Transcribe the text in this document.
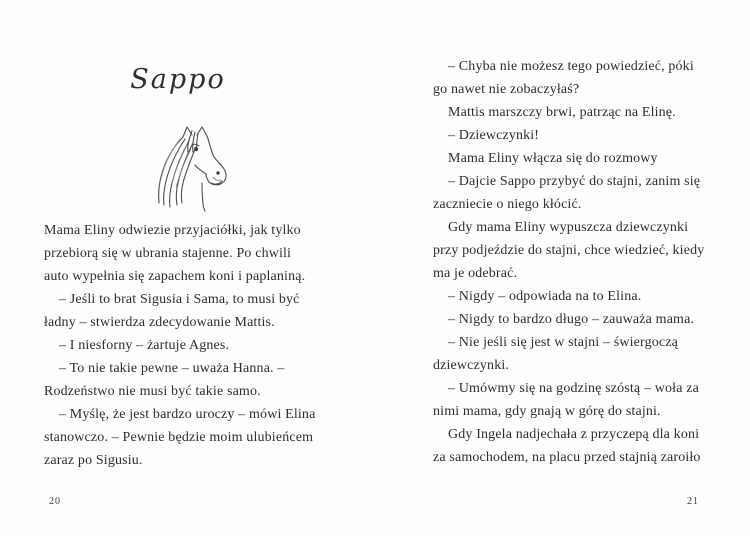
Sappo
Mama Eliny odwiezie przyjaciółki, jak tylko
przebiorą się w ubrania stajenne. Po chwili
auto wypełnia się zapachem koni i paplaniną.
– Jeśli to brat Sigusia i Sama, to musi być
ładny – stwierdza zdecydowanie Mattis.
– I niesforny – żartuje Agnes.
– To nie takie pewne – uważa Hanna. –
Rodzeństwo nie musi być takie samo.
– Myślę, że jest bardzo uroczy – mówi Elina
stanowczo. – Pewnie będzie moim ulubieńcem
zaraz po Sigusiu.
20
– Chyba nie możesz tego powiedzieć, póki
go nawet nie zobaczyłaś?
Mattis marszczy brwi, patrząc na Elinę.
– Dziewczynki!
Mama Eliny włącza się do rozmowy
– Dajcie Sappo przybyć do stajni, zanim się
zaczniecie o niego kłócić.
Gdy mama Eliny wypuszcza dziewczynki
przy podjeździe do stajni, chce wiedzieć, kiedy
ma je odebrać.
– Nigdy – odpowiada na to Elina.
– Nigdy to bardzo długo – zauważa mama.
– Nie jeśli się jest w stajni – świergoczą
dziewczynki.
– Umówmy się na godzinę szóstą – woła za
nimi mama, gdy gnają w górę do stajni.
Gdy Ingela nadjechała z przyczepą dla koni
za samochodem, na placu przed stajnią zaroiło
21
